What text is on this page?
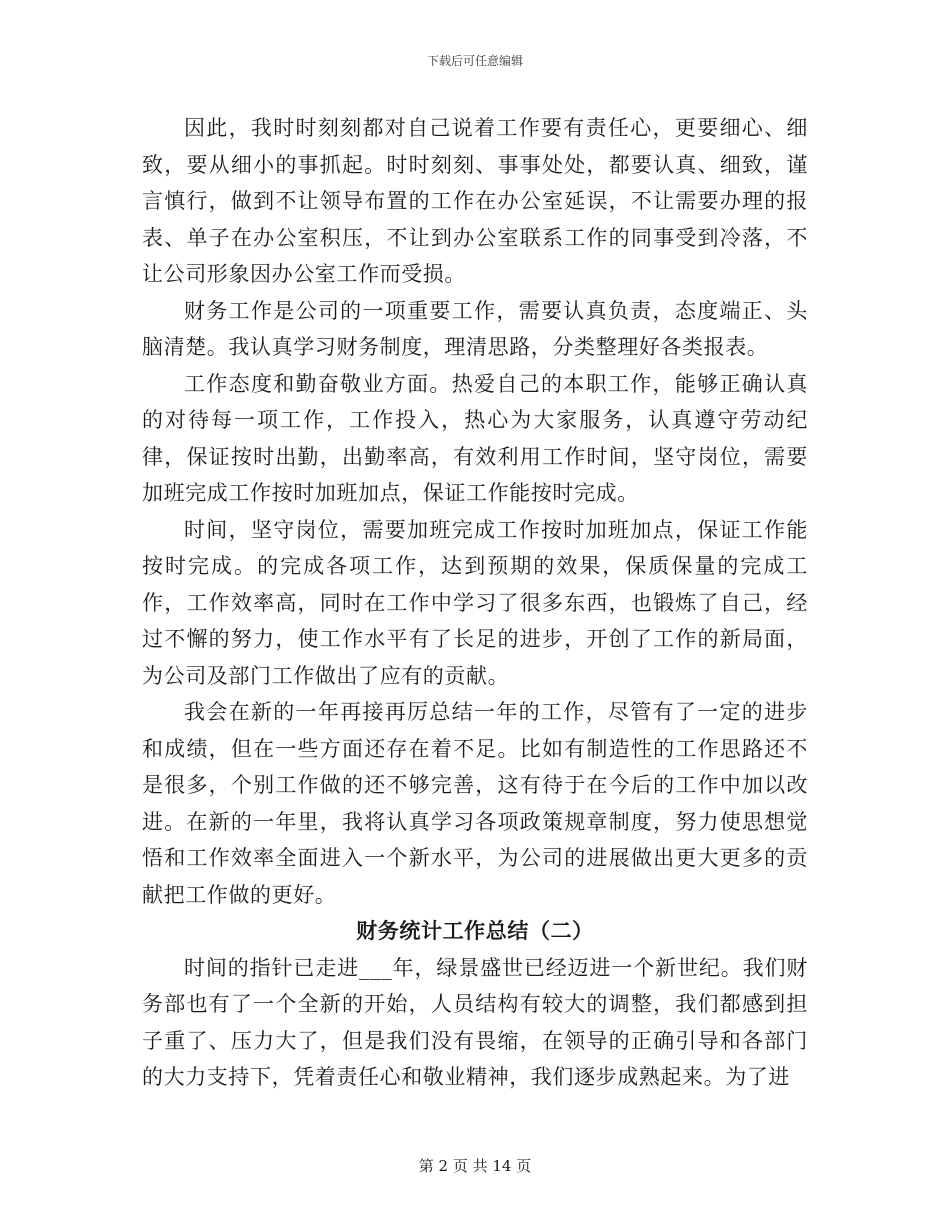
下载后可任意编辑

因此，我时时刻刻都对自己说着工作要有责任心，更要细心、细致，要从细小的事抓起。时时刻刻、事事处处，都要认真、细致，谨言慎行，做到不让领导布置的工作在办公室延误，不让需要办理的报表、单子在办公室积压，不让到办公室联系工作的同事受到冷落，不让公司形象因办公室工作而受损。

财务工作是公司的一项重要工作，需要认真负责，态度端正、头脑清楚。我认真学习财务制度，理清思路，分类整理好各类报表。

工作态度和勤奋敬业方面。热爱自己的本职工作，能够正确认真的对待每一项工作，工作投入，热心为大家服务，认真遵守劳动纪律，保证按时出勤，出勤率高，有效利用工作时间，坚守岗位，需要加班完成工作按时加班加点，保证工作能按时完成。

时间，坚守岗位，需要加班完成工作按时加班加点，保证工作能按时完成。的完成各项工作，达到预期的效果，保质保量的完成工作，工作效率高，同时在工作中学习了很多东西，也锻炼了自己，经过不懈的努力，使工作水平有了长足的进步，开创了工作的新局面，为公司及部门工作做出了应有的贡献。

我会在新的一年再接再厉总结一年的工作，尽管有了一定的进步和成绩，但在一些方面还存在着不足。比如有制造性的工作思路还不是很多，个别工作做的还不够完善，这有待于在今后的工作中加以改进。在新的一年里，我将认真学习各项政策规章制度，努力使思想觉悟和工作效率全面进入一个新水平，为公司的进展做出更大更多的贡献把工作做的更好。

财务统计工作总结（二）

时间的指针已走进___年，绿景盛世已经迈进一个新世纪。我们财务部也有了一个全新的开始，人员结构有较大的调整，我们都感到担子重了、压力大了，但是我们没有畏缩，在领导的正确引导和各部门的大力支持下，凭着责任心和敬业精神，我们逐步成熟起来。为了进

第 2 页 共 14 页
